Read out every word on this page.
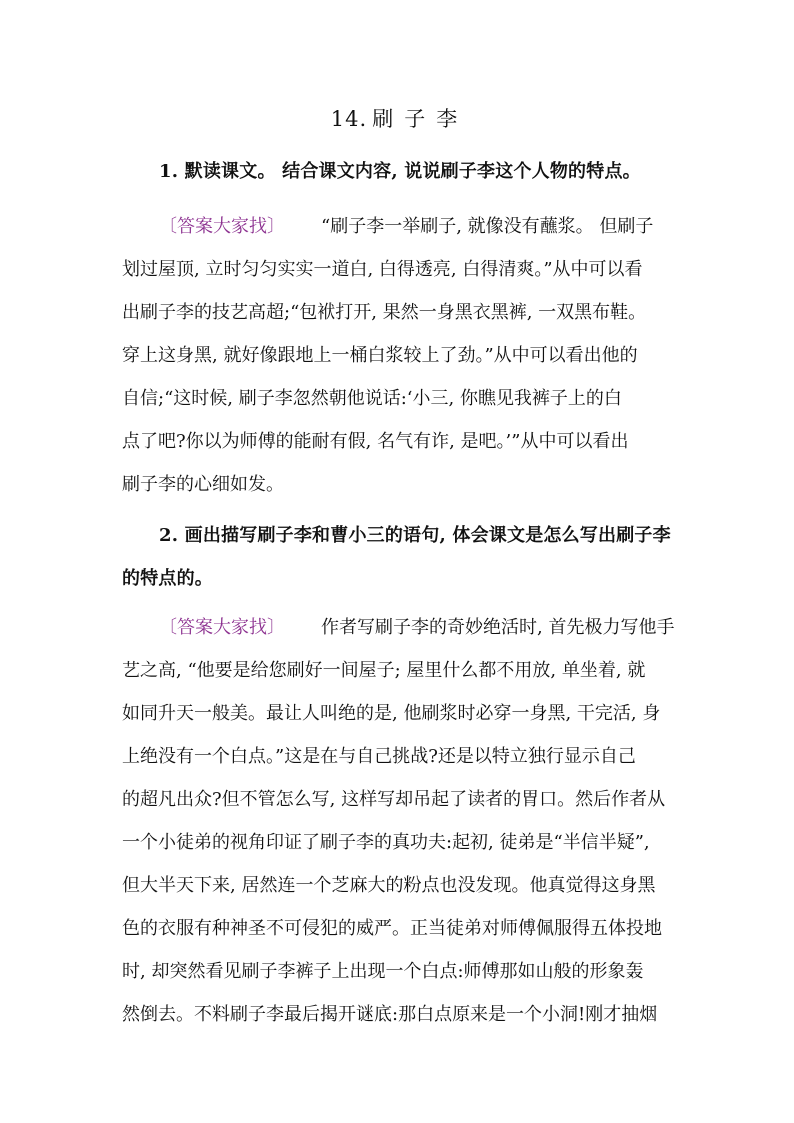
14. 刷 子 李
1. 默读课文。 结合课文内容, 说说刷子李这个人物的特点。
〔答案大家找〕 “刷子李一举刷子, 就像没有蘸浆。 但刷子
划过屋顶, 立时匀匀实实一道白, 白得透亮, 白得清爽。”从中可以看
出刷子李的技艺高超;“包袱打开, 果然一身黑衣黑裤, 一双黑布鞋。
穿上这身黑, 就好像跟地上一桶白浆较上了劲。”从中可以看出他的
自信;“这时候, 刷子李忽然朝他说话:‘小三, 你瞧见我裤子上的白
点了吧?你以为师傅的能耐有假, 名气有诈, 是吧。’”从中可以看出
刷子李的心细如发。
2. 画出描写刷子李和曹小三的语句, 体会课文是怎么写出刷子李
的特点的。
〔答案大家找〕 作者写刷子李的奇妙绝活时, 首先极力写他手
艺之高, “他要是给您刷好一间屋子; 屋里什么都不用放, 单坐着, 就
如同升天一般美。最让人叫绝的是, 他刷浆时必穿一身黑, 干完活, 身
上绝没有一个白点。”这是在与自己挑战?还是以特立独行显示自己
的超凡出众?但不管怎么写, 这样写却吊起了读者的胃口。然后作者从
一个小徒弟的视角印证了刷子李的真功夫:起初, 徒弟是“半信半疑”,
但大半天下来, 居然连一个芝麻大的粉点也没发现。他真觉得这身黑
色的衣服有种神圣不可侵犯的威严。正当徒弟对师傅佩服得五体投地
时, 却突然看见刷子李裤子上出现一个白点:师傅那如山般的形象轰
然倒去。不料刷子李最后揭开谜底:那白点原来是一个小洞!刚才抽烟
